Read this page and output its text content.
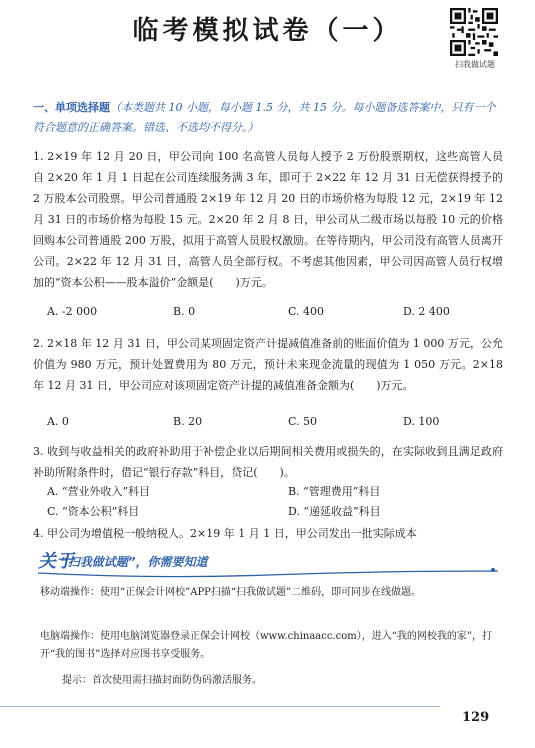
临考模拟试卷（一）
扫我做试题
一、单项选择题（本类题共 10 小题，每小题 1.5 分，共 15 分。每小题备选答案中，只有一个符合题意的正确答案。错选、不选均不得分。）
1. 2×19 年 12 月 20 日，甲公司向 100 名高管人员每人授予 2 万份股票期权，这些高管人员自 2×20 年 1 月 1 日起在公司连续服务满 3 年，即可于 2×22 年 12 月 31 日无偿获得授予的 2 万股本公司股票。甲公司普通股 2×19 年 12 月 20 日的市场价格为每股 12 元，2×19 年 12 月 31 日的市场价格为每股 15 元。2×20 年 2 月 8 日，甲公司从二级市场以每股 10 元的价格回购本公司普通股 200 万股，拟用于高管人员股权激励。在等待期内，甲公司没有高管人员离开公司。2×22 年 12 月 31 日，高管人员全部行权。不考虑其他因素，甲公司因高管人员行权增加的“资本公积——股本溢价”金额是(　　)万元。
A. -2 000	B. 0	C. 400	D. 2 400
2. 2×18 年 12 月 31 日，甲公司某项固定资产计提减值准备前的账面价值为 1 000 万元，公允价值为 980 万元，预计处置费用为 80 万元，预计未来现金流量的现值为 1 050 万元。2×18 年 12 月 31 日，甲公司应对该项固定资产计提的减值准备金额为(　　)万元。
A. 0	B. 20	C. 50	D. 100
3. 收到与收益相关的政府补助用于补偿企业以后期间相关费用或损失的，在实际收到且满足政府补助所附条件时，借记“银行存款”科目，贷记(　　)。
A. “营业外收入”科目	B. “管理费用”科目
C. “资本公积”科目	D. “递延收益”科目
4. 甲公司为增值税一般纳税人。2×19 年 1 月 1 日，甲公司发出一批实际成本
关于
“扫我做试题”，你需要知道
移动端操作：使用“正保会计网校”APP扫描“扫我做试题”二维码，即可同步在线做题。
电脑端操作：使用电脑浏览器登录正保会计网校（www.chinaacc.com），进入“我的网校我的家”，打开“我的图书”选择对应图书享受服务。
提示：首次使用需扫描封面防伪码激活服务。
129
